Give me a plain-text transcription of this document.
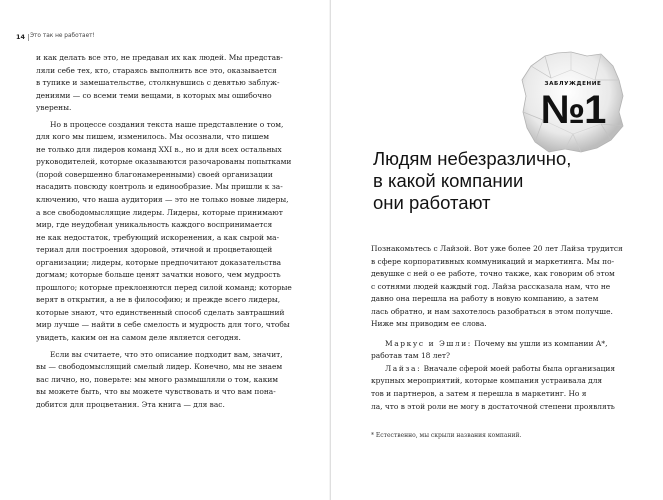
14 Это так не работает!
и как делать все это, не предавая их как людей. Мы представ-
ляли себе тех, кто, стараясь выполнить все это, оказывается
в тупике и замешательстве, столкнувшись с девятью заблуж-
дениями — со всеми теми вещами, в которых мы ошибочно
уверены.
Но в процессе создания текста наше представление о том,
для кого мы пишем, изменилось. Мы осознали, что пишем
не только для лидеров команд XXI в., но и для всех остальных
руководителей, которые оказываются разочарованы попытками
(порой совершенно благонамеренными) своей организации
насадить повсюду контроль и единообразие. Мы пришли к за-
ключению, что наша аудитория — это не только новые лидеры,
а все свободомыслящие лидеры. Лидеры, которые принимают
мир, где неудобная уникальность каждого воспринимается
не как недостаток, требующий искоренения, а как сырой ма-
териал для построения здоровой, этичной и процветающей
организации; лидеры, которые предпочитают доказательства
догмам; которые больше ценят зачатки нового, чем мудрость
прошлого; которые преклоняются перед силой команд; которые
верят в открытия, а не в философию; и прежде всего лидеры,
которые знают, что единственный способ сделать завтрашний
мир лучше — найти в себе смелость и мудрость для того, чтобы
увидеть, каким он на самом деле является сегодня.
Если вы считаете, что это описание подходит вам, значит,
вы — свободомыслящий смелый лидер. Конечно, мы не знаем
вас лично, но, поверьте: мы много размышляли о том, каким
вы можете быть, что вы можете чувствовать и что вам пона-
добится для процветания. Эта книга — для вас.
ЗАБЛУЖДЕНИЕ
№1
Людям небезразлично,
в какой компании
они работают
Познакомьтесь с Лайзой. Вот уже более 20 лет Лайза трудится
в сфере корпоративных коммуникаций и маркетинга. Мы по-
девушке с ней о ее работе, точно также, как говорим об этом
с сотнями людей каждый год. Лайза рассказала нам, что не
давно она перешла на работу в новую компанию, а затем
лась обратно, и нам захотелось разобраться в этом получше.
Ниже мы приводим ее слова.
Маркус и Эшли: Почему вы ушли из компании А*,
работав там 18 лет?
Лайза: Вначале сферой моей работы была организация
крупных мероприятий, которые компания устраивала для
тов и партнеров, а затем я перешла в маркетинг. Но я
ла, что в этой роли не могу в достаточной степени проявлять
* Естественно, мы скрыли названия компаний.
